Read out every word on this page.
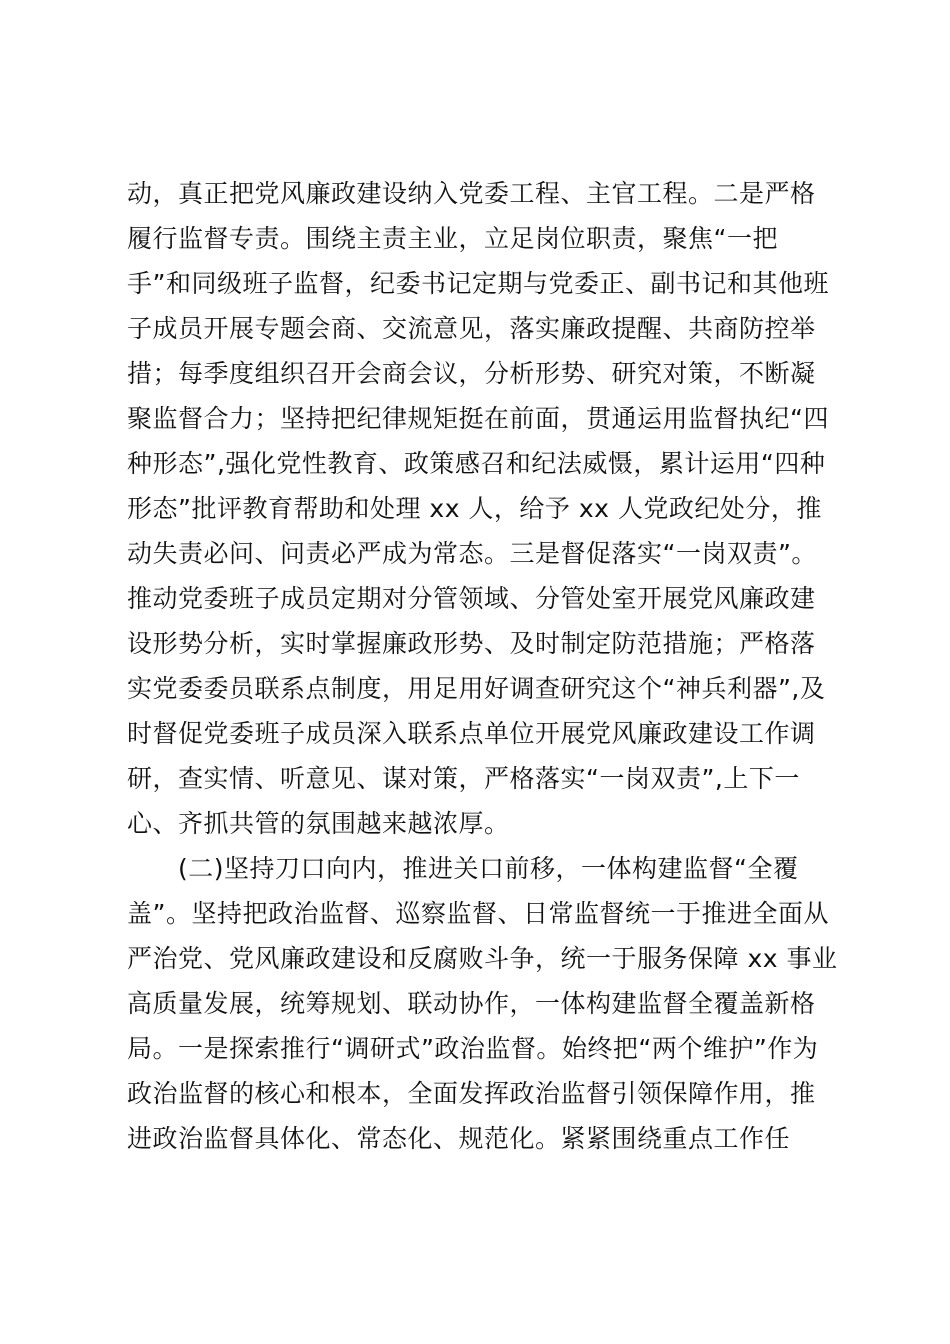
动，真正把党风廉政建设纳入党委工程、主官工程。二是严格
履行监督专责。围绕主责主业，立足岗位职责，聚焦“一把
手”和同级班子监督，纪委书记定期与党委正、副书记和其他班
子成员开展专题会商、交流意见，落实廉政提醒、共商防控举
措；每季度组织召开会商会议，分析形势、研究对策，不断凝
聚监督合力；坚持把纪律规矩挺在前面，贯通运用监督执纪“四
种形态”,强化党性教育、政策感召和纪法威慑，累计运用“四种
形态”批评教育帮助和处理 xx 人，给予 xx 人党政纪处分，推
动失责必问、问责必严成为常态。三是督促落实“一岗双责”。
推动党委班子成员定期对分管领域、分管处室开展党风廉政建
设形势分析，实时掌握廉政形势、及时制定防范措施；严格落
实党委委员联系点制度，用足用好调查研究这个“神兵利器”,及
时督促党委班子成员深入联系点单位开展党风廉政建设工作调
研，查实情、听意见、谋对策，严格落实“一岗双责”,上下一
心、齐抓共管的氛围越来越浓厚。
(二)坚持刀口向内，推进关口前移，一体构建监督“全覆
盖”。坚持把政治监督、巡察监督、日常监督统一于推进全面从
严治党、党风廉政建设和反腐败斗争，统一于服务保障 xx 事业
高质量发展，统筹规划、联动协作，一体构建监督全覆盖新格
局。一是探索推行“调研式”政治监督。始终把“两个维护”作为
政治监督的核心和根本，全面发挥政治监督引领保障作用，推
进政治监督具体化、常态化、规范化。紧紧围绕重点工作任
